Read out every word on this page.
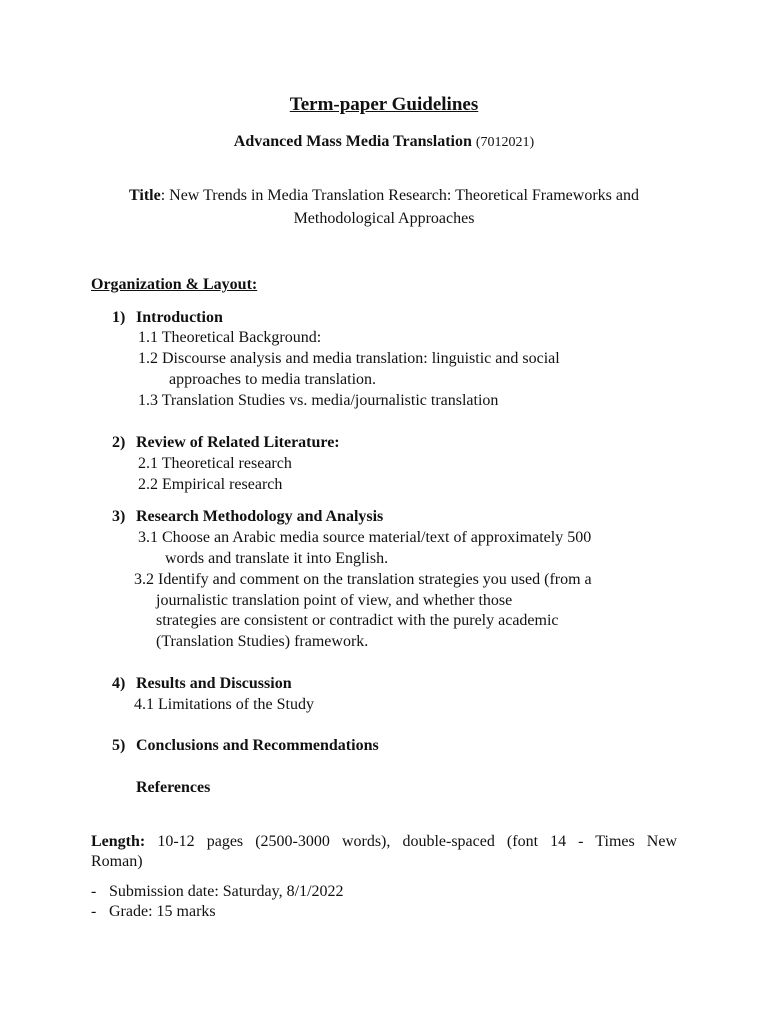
Term-paper Guidelines
Advanced Mass Media Translation (7012021)
Title: New Trends in Media Translation Research: Theoretical Frameworks and
Methodological Approaches
Organization & Layout:
1) Introduction
1.1 Theoretical Background:
1.2 Discourse analysis and media translation: linguistic and social
approaches to media translation.
1.3 Translation Studies vs. media/journalistic translation
2) Review of Related Literature:
2.1 Theoretical research
2.2 Empirical research
3) Research Methodology and Analysis
3.1 Choose an Arabic media source material/text of approximately 500
words and translate it into English.
3.2 Identify and comment on the translation strategies you used (from a
journalistic translation point of view, and whether those
strategies are consistent or contradict with the purely academic
(Translation Studies) framework.
4) Results and Discussion
4.1 Limitations of the Study
5) Conclusions and Recommendations
References
Length: 10-12 pages (2500-3000 words), double-spaced (font 14 - Times New
Roman)
- Submission date: Saturday, 8/1/2022
- Grade: 15 marks
